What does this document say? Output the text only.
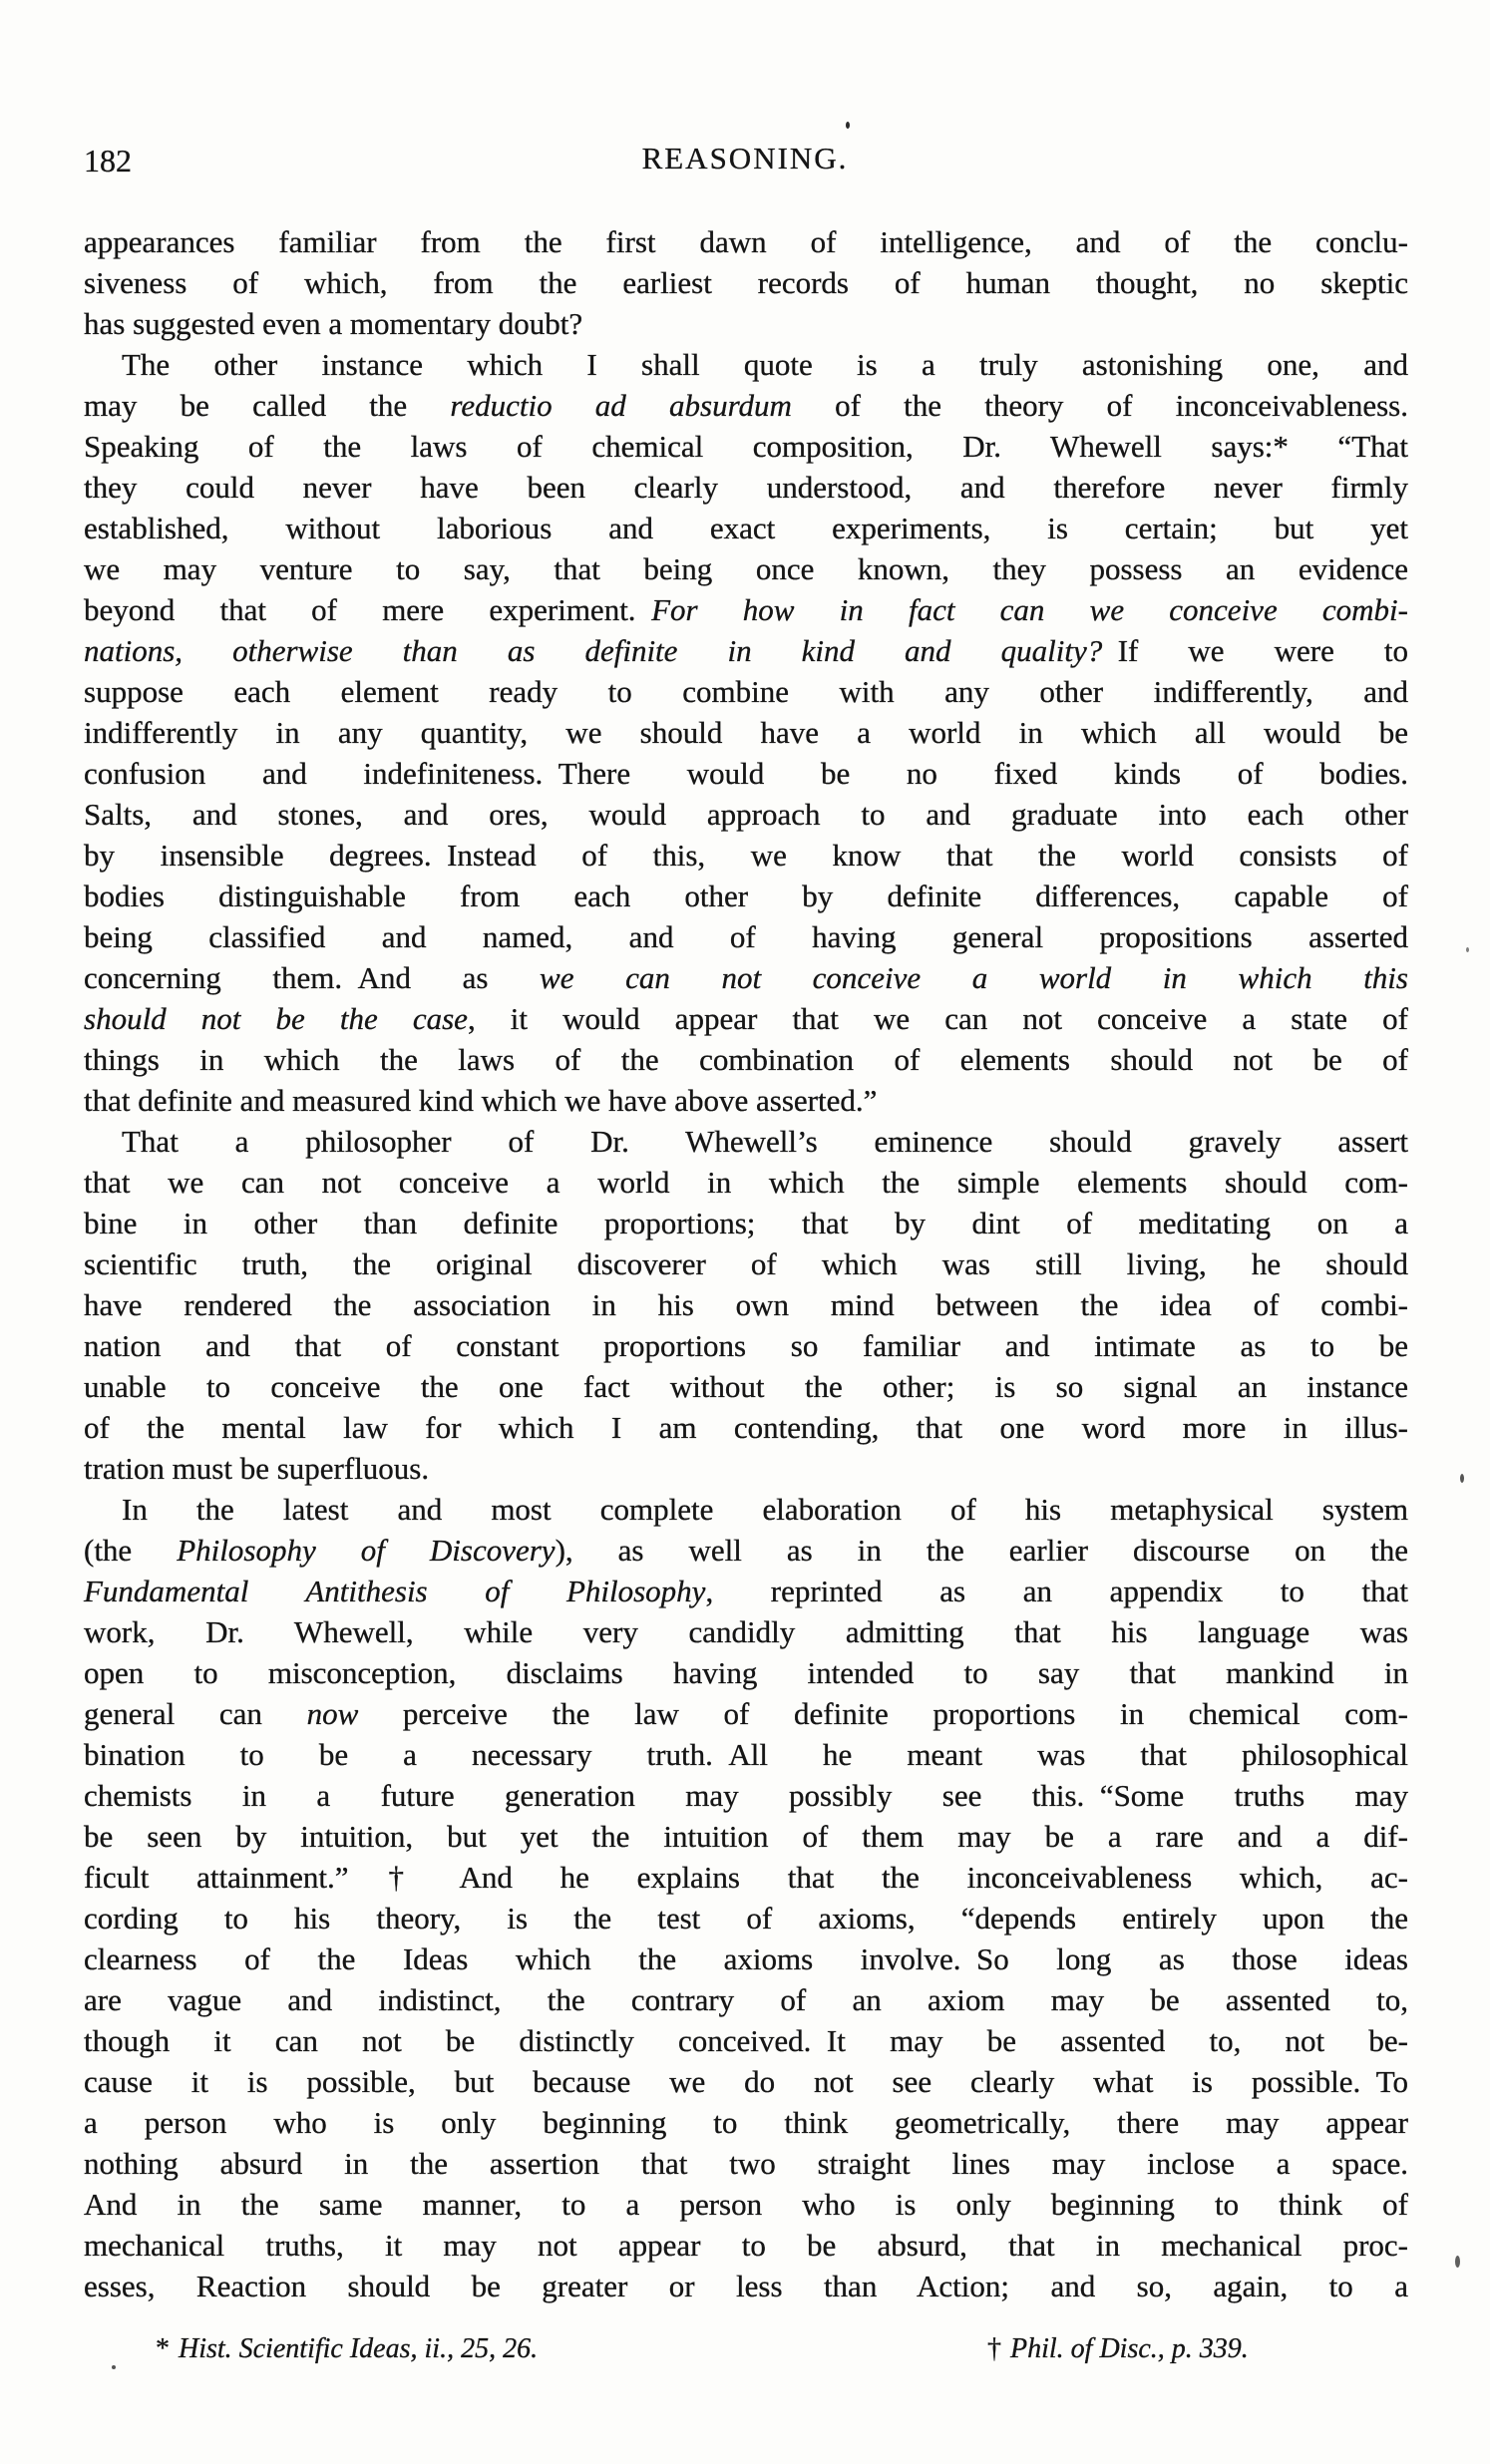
182	REASONING.
appearances familiar from the first dawn of intelligence, and of the conclu-
siveness of which, from the earliest records of human thought, no skeptic
has suggested even a momentary doubt?
The other instance which I shall quote is a truly astonishing one, and
may be called the reductio ad absurdum of the theory of inconceivableness.
Speaking of the laws of chemical composition, Dr. Whewell says:* “That
they could never have been clearly understood, and therefore never firmly
established, without laborious and exact experiments, is certain; but yet
we may venture to say, that being once known, they possess an evidence
beyond that of mere experiment. For how in fact can we conceive combi-
nations, otherwise than as definite in kind and quality? If we were to
suppose each element ready to combine with any other indifferently, and
indifferently in any quantity, we should have a world in which all would be
confusion and indefiniteness. There would be no fixed kinds of bodies.
Salts, and stones, and ores, would approach to and graduate into each other
by insensible degrees. Instead of this, we know that the world consists of
bodies distinguishable from each other by definite differences, capable of
being classified and named, and of having general propositions asserted
concerning them. And as we can not conceive a world in which this
should not be the case, it would appear that we can not conceive a state of
things in which the laws of the combination of elements should not be of
that definite and measured kind which we have above asserted.”
That a philosopher of Dr. Whewell’s eminence should gravely assert
that we can not conceive a world in which the simple elements should com-
bine in other than definite proportions; that by dint of meditating on a
scientific truth, the original discoverer of which was still living, he should
have rendered the association in his own mind between the idea of combi-
nation and that of constant proportions so familiar and intimate as to be
unable to conceive the one fact without the other; is so signal an instance
of the mental law for which I am contending, that one word more in illus-
tration must be superfluous.
In the latest and most complete elaboration of his metaphysical system
(the Philosophy of Discovery), as well as in the earlier discourse on the
Fundamental Antithesis of Philosophy, reprinted as an appendix to that
work, Dr. Whewell, while very candidly admitting that his language was
open to misconception, disclaims having intended to say that mankind in
general can now perceive the law of definite proportions in chemical com-
bination to be a necessary truth. All he meant was that philosophical
chemists in a future generation may possibly see this. “Some truths may
be seen by intuition, but yet the intuition of them may be a rare and a dif-
ficult attainment.”† And he explains that the inconceivableness which, ac-
cording to his theory, is the test of axioms, “depends entirely upon the
clearness of the Ideas which the axioms involve. So long as those ideas
are vague and indistinct, the contrary of an axiom may be assented to,
though it can not be distinctly conceived. It may be assented to, not be-
cause it is possible, but because we do not see clearly what is possible. To
a person who is only beginning to think geometrically, there may appear
nothing absurd in the assertion that two straight lines may inclose a space.
And in the same manner, to a person who is only beginning to think of
mechanical truths, it may not appear to be absurd, that in mechanical proc-
esses, Reaction should be greater or less than Action; and so, again, to a
* Hist. Scientific Ideas, ii., 25, 26.	† Phil. of Disc., p. 339.
